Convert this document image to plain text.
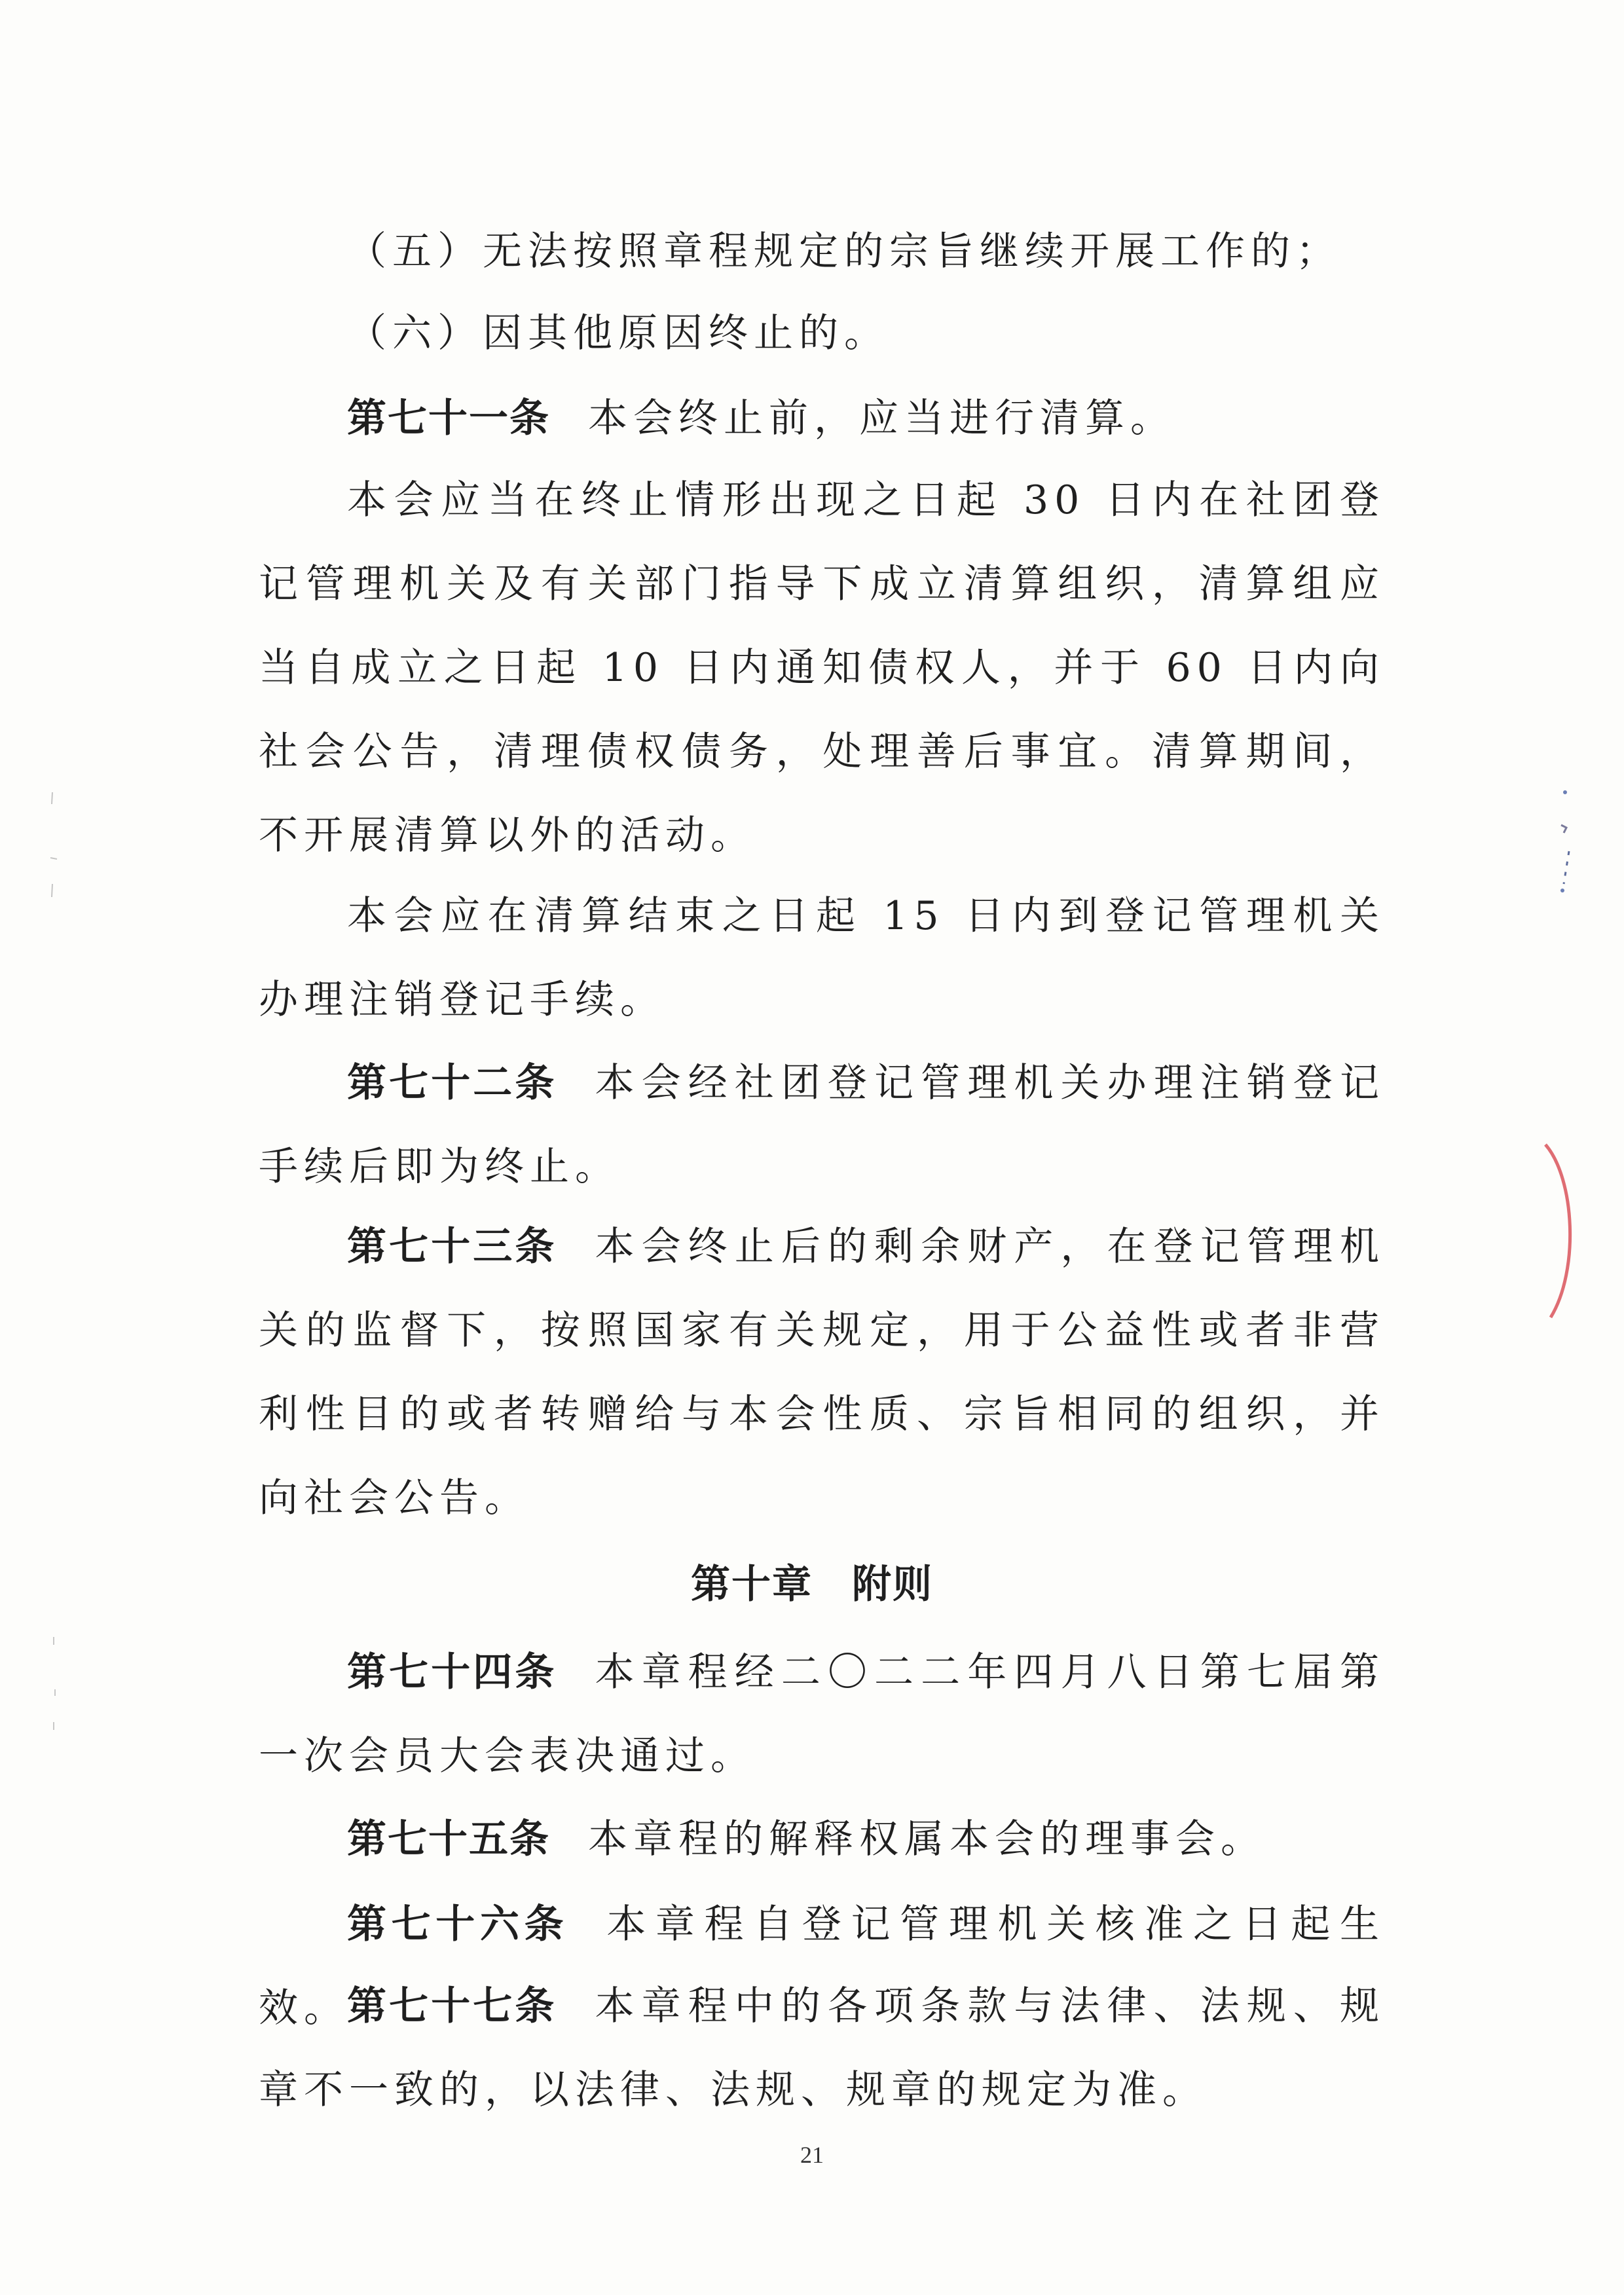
（五）无法按照章程规定的宗旨继续开展工作的；

（六）因其他原因终止的。

第七十一条 本会终止前，应当进行清算。

本会应当在终止情形出现之日起 30 日内在社团登记管理机关及有关部门指导下成立清算组织，清算组应当自成立之日起 10 日内通知债权人，并于 60 日内向社会公告，清理债权债务，处理善后事宜。清算期间，不开展清算以外的活动。

本会应在清算结束之日起 15 日内到登记管理机关办理注销登记手续。

第七十二条 本会经社团登记管理机关办理注销登记手续后即为终止。

第七十三条 本会终止后的剩余财产，在登记管理机关的监督下，按照国家有关规定，用于公益性或者非营利性目的或者转赠给与本会性质、宗旨相同的组织，并向社会公告。

第十章 附则

第七十四条 本章程经二〇二二年四月八日第七届第一次会员大会表决通过。

第七十五条 本章程的解释权属本会的理事会。

第七十六条 本章程自登记管理机关核准之日起生效。

第七十七条 本章程中的各项条款与法律、法规、规章不一致的，以法律、法规、规章的规定为准。

21
